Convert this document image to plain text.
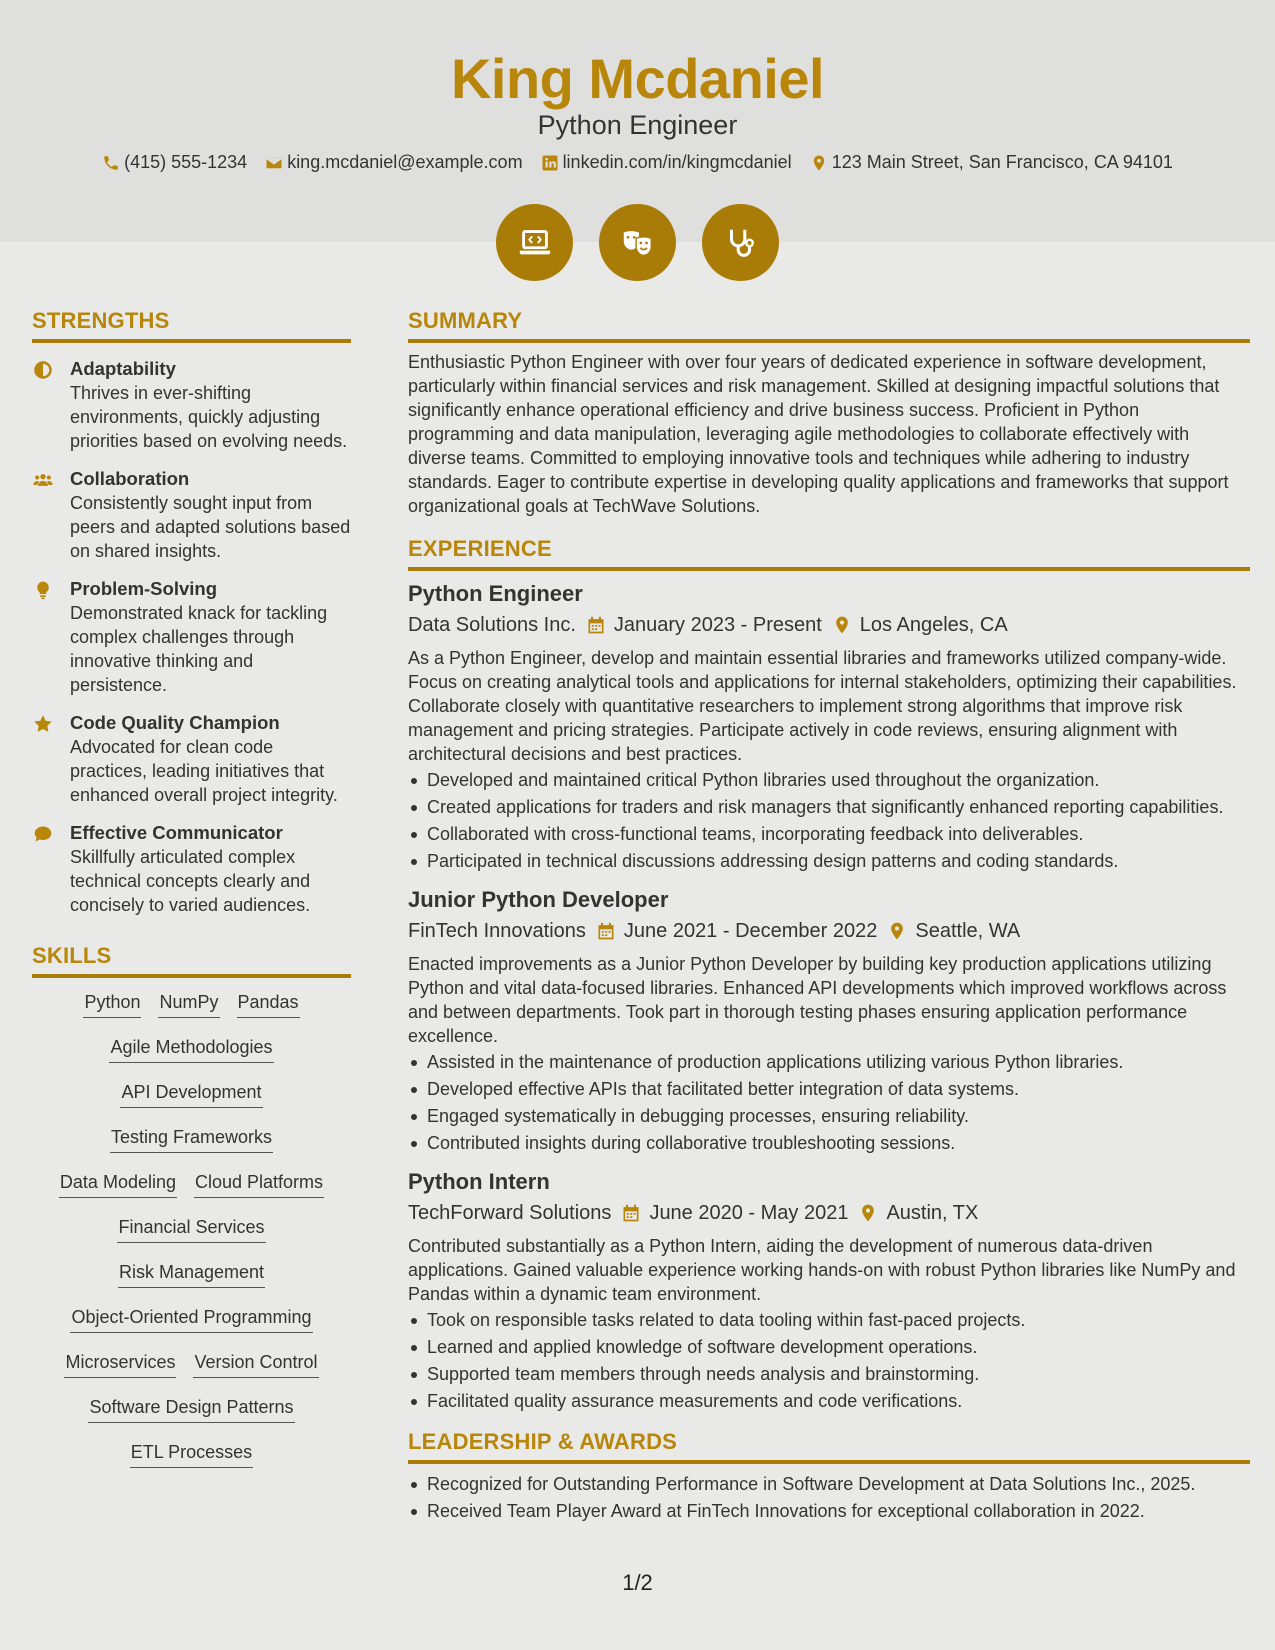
King Mcdaniel
Python Engineer
(415) 555-1234 king.mcdaniel@example.com linkedin.com/in/kingmcdaniel 123 Main Street, San Francisco, CA 94101
STRENGTHS
Adaptability
Thrives in ever-shifting environments, quickly adjusting priorities based on evolving needs.
Collaboration
Consistently sought input from peers and adapted solutions based on shared insights.
Problem-Solving
Demonstrated knack for tackling complex challenges through innovative thinking and persistence.
Code Quality Champion
Advocated for clean code practices, leading initiatives that enhanced overall project integrity.
Effective Communicator
Skillfully articulated complex technical concepts clearly and concisely to varied audiences.
SKILLS
Python NumPy Pandas
Agile Methodologies
API Development
Testing Frameworks
Data Modeling Cloud Platforms
Financial Services
Risk Management
Object-Oriented Programming
Microservices Version Control
Software Design Patterns
ETL Processes
SUMMARY
Enthusiastic Python Engineer with over four years of dedicated experience in software development, particularly within financial services and risk management. Skilled at designing impactful solutions that significantly enhance operational efficiency and drive business success. Proficient in Python programming and data manipulation, leveraging agile methodologies to collaborate effectively with diverse teams. Committed to employing innovative tools and techniques while adhering to industry standards. Eager to contribute expertise in developing quality applications and frameworks that support organizational goals at TechWave Solutions.
EXPERIENCE
Python Engineer
Data Solutions Inc. January 2023 - Present Los Angeles, CA
As a Python Engineer, develop and maintain essential libraries and frameworks utilized company-wide. Focus on creating analytical tools and applications for internal stakeholders, optimizing their capabilities. Collaborate closely with quantitative researchers to implement strong algorithms that improve risk management and pricing strategies. Participate actively in code reviews, ensuring alignment with architectural decisions and best practices.
Developed and maintained critical Python libraries used throughout the organization.
Created applications for traders and risk managers that significantly enhanced reporting capabilities.
Collaborated with cross-functional teams, incorporating feedback into deliverables.
Participated in technical discussions addressing design patterns and coding standards.
Junior Python Developer
FinTech Innovations June 2021 - December 2022 Seattle, WA
Enacted improvements as a Junior Python Developer by building key production applications utilizing Python and vital data-focused libraries. Enhanced API developments which improved workflows across and between departments. Took part in thorough testing phases ensuring application performance excellence.
Assisted in the maintenance of production applications utilizing various Python libraries.
Developed effective APIs that facilitated better integration of data systems.
Engaged systematically in debugging processes, ensuring reliability.
Contributed insights during collaborative troubleshooting sessions.
Python Intern
TechForward Solutions June 2020 - May 2021 Austin, TX
Contributed substantially as a Python Intern, aiding the development of numerous data-driven applications. Gained valuable experience working hands-on with robust Python libraries like NumPy and Pandas within a dynamic team environment.
Took on responsible tasks related to data tooling within fast-paced projects.
Learned and applied knowledge of software development operations.
Supported team members through needs analysis and brainstorming.
Facilitated quality assurance measurements and code verifications.
LEADERSHIP & AWARDS
Recognized for Outstanding Performance in Software Development at Data Solutions Inc., 2025.
Received Team Player Award at FinTech Innovations for exceptional collaboration in 2022.
1/2
